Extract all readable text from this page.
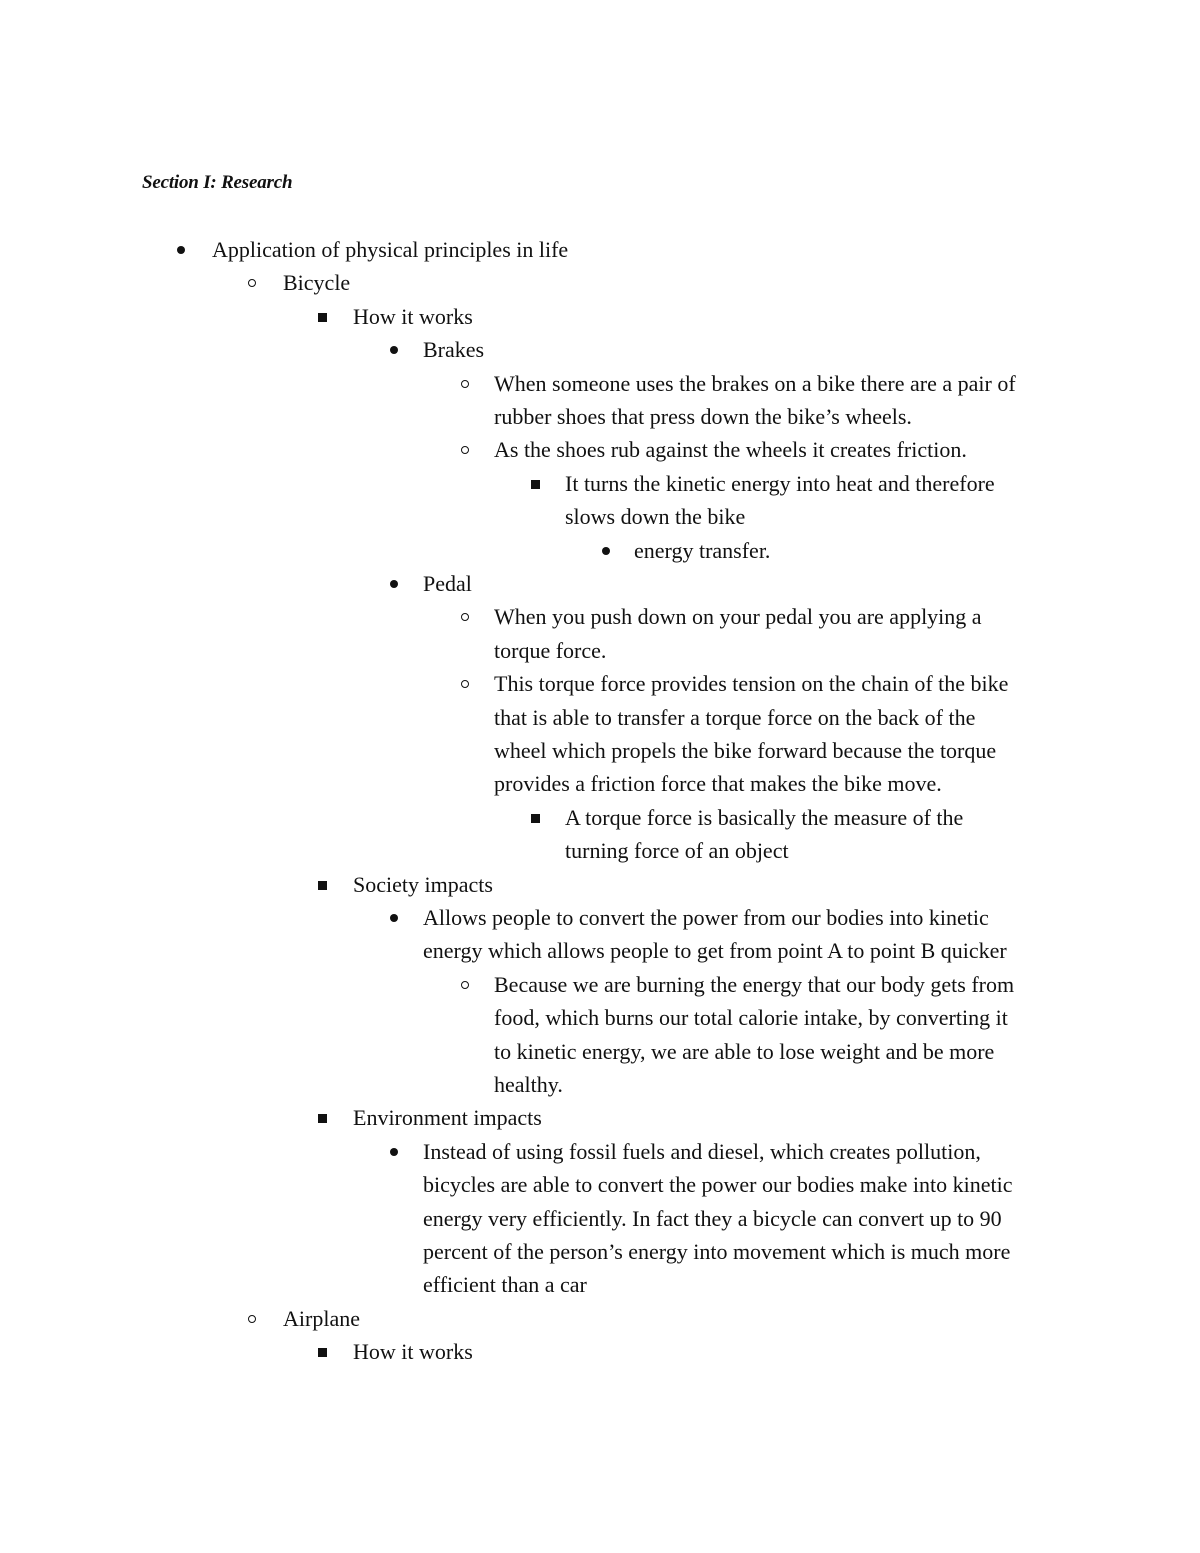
Section I: Research
Application of physical principles in life
Bicycle
How it works
Brakes
When someone uses the brakes on a bike there are a pair of
rubber shoes that press down the bike’s wheels.
As the shoes rub against the wheels it creates friction.
It turns the kinetic energy into heat and therefore
slows down the bike
energy transfer.
Pedal
When you push down on your pedal you are applying a
torque force.
This torque force provides tension on the chain of the bike
that is able to transfer a torque force on the back of the
wheel which propels the bike forward because the torque
provides a friction force that makes the bike move.
A torque force is basically the measure of the
turning force of an object
Society impacts
Allows people to convert the power from our bodies into kinetic
energy which allows people to get from point A to point B quicker
Because we are burning the energy that our body gets from
food, which burns our total calorie intake, by converting it
to kinetic energy, we are able to lose weight and be more
healthy.
Environment impacts
Instead of using fossil fuels and diesel, which creates pollution,
bicycles are able to convert the power our bodies make into kinetic
energy very efficiently. In fact they a bicycle can convert up to 90
percent of the person’s energy into movement which is much more
efficient than a car
Airplane
How it works
